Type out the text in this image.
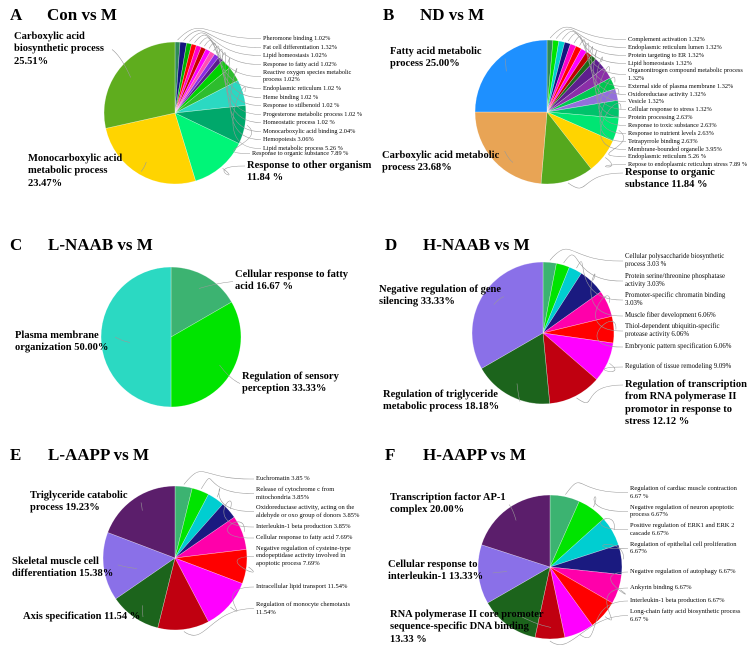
A Con vs M
Carboxylic acid biosynthetic process 25.51%
Monocarboxylic acid metabolic process 23.47%
Pheromone binding 1.02%
Fat cell differentiation 1.32%
Lipid homeostasis 1.02%
Response to fatty acid 1.02%
Reactive oxygen species metabolic process 1.02%
Endoplasmic reticulum 1.02 %
Heme binding 1.02 %
Response to stilbenoid 1.02 %
Progesterone metabolic process 1.02 %
Homeostatic process 1.02 %
Monocarboxylic acid binding 2.04%
Hemopoiesis 3.06%
Lipid metabolic process 5.26 %
Response to organic substance 7.89 %
Response to other organism 11.84 %
B ND vs M
Fatty acid metabolic process 25.00%
Carboxylic acid metabolic process 23.68%
Complement activation 1.32%
Endoplasmic reticulum lumen 1.32%
Protein targeting to ER 1.32%
Lipid homeostasis 1.32%
Organonitrogen compound metabolic process 1.32%
External side of plasma membrane 1.32%
Oxidoreductase activity 1.32%
Vesicle 1.32%
Cellular response to stress 1.32%
Protein processing 2.63%
Response to toxic substance 2.63%
Response to nutrient levels 2.63%
Tetrapyrrole binding 2.63%
Membrane-bounded organelle 3.95%
Endoplasmic reticulum 5.26 %
Repose to endoplasmic reticulum stress 7.89 %
Response to organic substance 11.84 %
C L-NAAB vs M
Plasma membrane organization 50.00%
Cellular response to fatty acid 16.67 %
Regulation of sensory perception 33.33%
D H-NAAB vs M
Negative regulation of gene silencing 33.33%
Regulation of triglyceride metabolic process 18.18%
Cellular polysaccharide biosynthetic process 3.03 %
Protein serine/threonine phosphatase activity 3.03%
Promoter-specific chromatin binding 3.03%
Muscle fiber development 6.06%
Thiol-dependent ubiquitin-specific protease activity 6.06%
Embryonic pattern specification 6.06%
Regulation of tissue remodeling 9.09%
Regulation of transcription from RNA polymerase II promotor in response to stress 12.12 %
E L-AAPP vs M
Triglyceride catabolic process 19.23%
Skeletal muscle cell differentiation 15.38%
Axis specification 11.54 %
Euchromatin 3.85 %
Release of cytochrome c from mitochondria 3.85%
Oxidoreductase activity, acting on the aldehyde or oxo group of donors 3.85%
Interleukin-1 beta production 3.85%
Cellular response to fatty acid 7.69%
Negative regulation of cysteine-type endopeptidase activity involved in apoptotic process 7.69%
Intracellular lipid transport 11.54%
Regulation of monocyte chemotaxis 11.54%
F H-AAPP vs M
Transcription factor AP-1 complex 20.00%
Cellular response to interleukin-1 13.33%
RNA polymerase II core promoter sequence-specific DNA binding 13.33 %
Regulation of cardiac muscle contraction 6.67 %
Negative regulation of neuron apoptotic process 6.67%
Positive regulation of ERK1 and ERK 2 cascade 6.67%
Regulation of epithelial cell proliferation 6.67%
Negative regulation of autophagy 6.67%
Ankyrin binding 6.67%
Interleukin-1 beta production 6.67%
Long-chain fatty acid biosynthetic process 6.67 %
